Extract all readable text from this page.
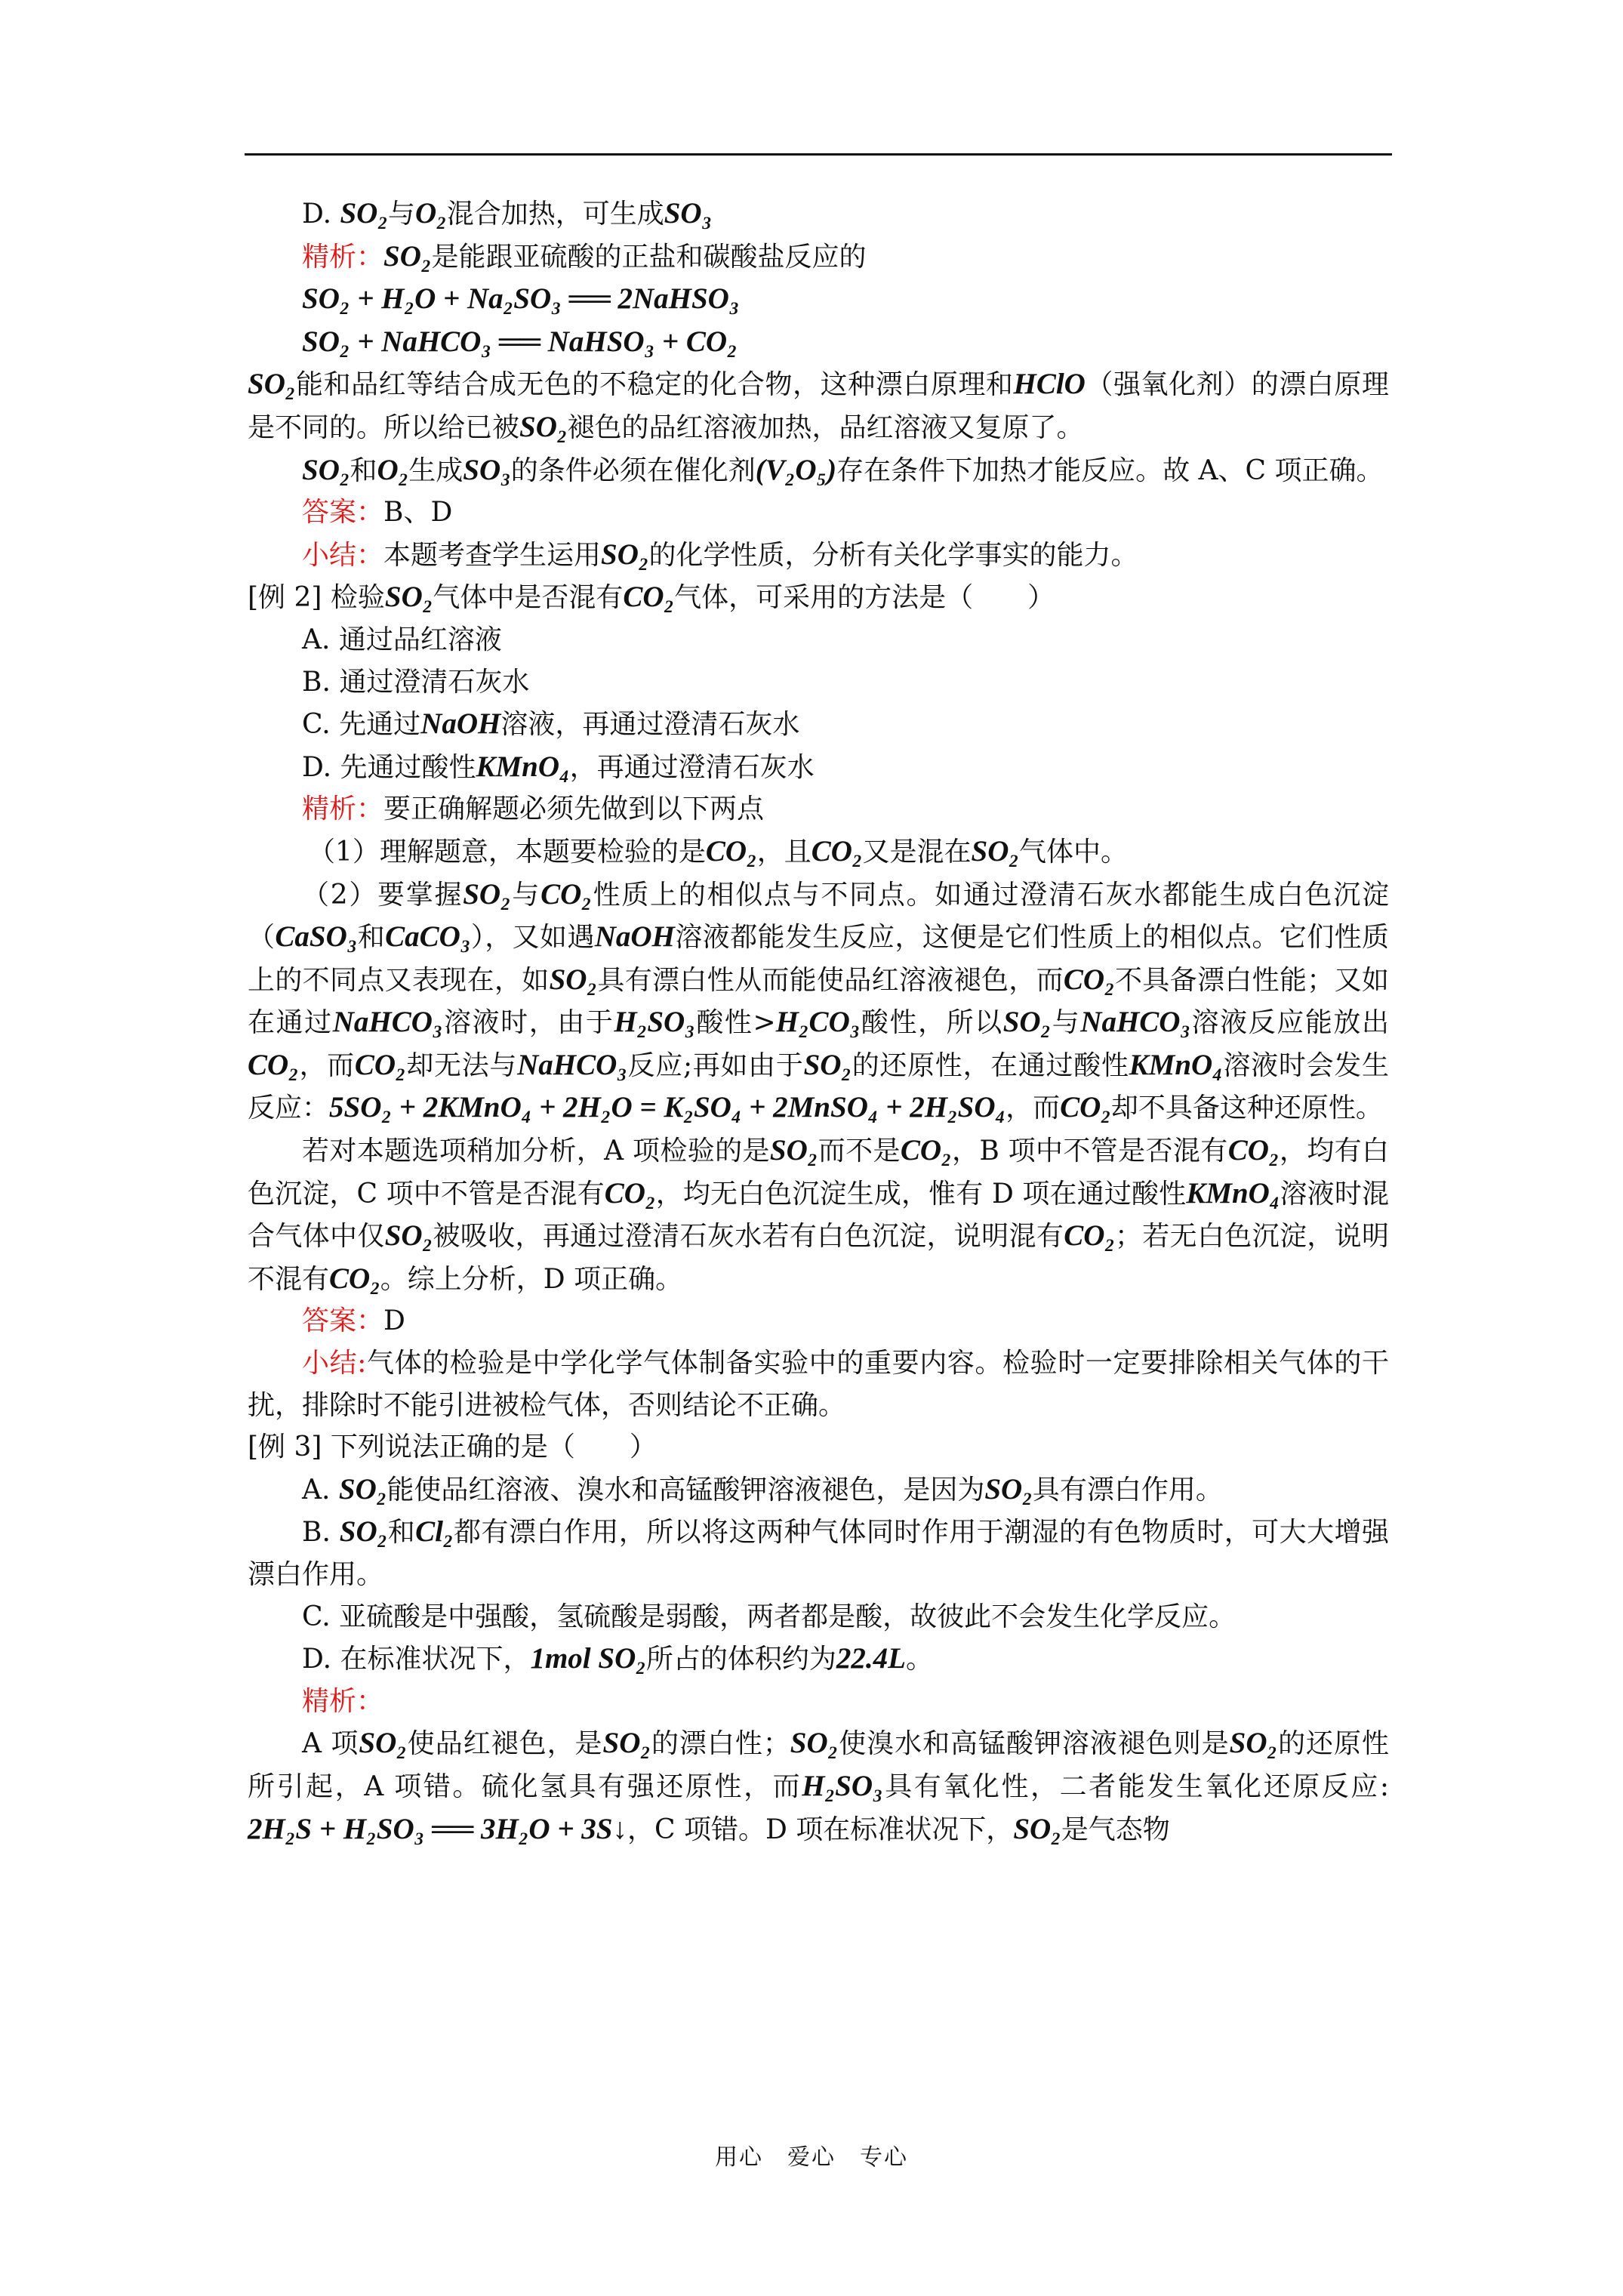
D. SO₂与O₂混合加热，可生成SO₃

精析：SO₂是能跟亚硫酸的正盐和碳酸盐反应的

SO₂ + H₂O + Na₂SO₃ ══ 2NaHSO₃

SO₂ + NaHCO₃ ══ NaHSO₃ + CO₂

SO₂能和品红等结合成无色的不稳定的化合物，这种漂白原理和HClO（强氧化剂）的漂白原理是不同的。所以给已被SO₂褪色的品红溶液加热，品红溶液又复原了。

SO₂和O₂生成SO₃的条件必须在催化剂(V₂O₅)存在条件下加热才能反应。故 A、C 项正确。

答案：B、D

小结：本题考查学生运用SO₂的化学性质，分析有关化学事实的能力。

[例 2] 检验SO₂气体中是否混有CO₂气体，可采用的方法是（　　）

A. 通过品红溶液

B. 通过澄清石灰水

C. 先通过NaOH溶液，再通过澄清石灰水

D. 先通过酸性KMnO₄，再通过澄清石灰水

精析：要正确解题必须先做到以下两点

（1）理解题意，本题要检验的是CO₂，且CO₂又是混在SO₂气体中。

（2）要掌握SO₂与CO₂性质上的相似点与不同点。如通过澄清石灰水都能生成白色沉淀（CaSO₃和CaCO₃），又如遇NaOH溶液都能发生反应，这便是它们性质上的相似点。它们性质上的不同点又表现在，如SO₂具有漂白性从而能使品红溶液褪色，而CO₂不具备漂白性能；又如在通过NaHCO₃溶液时，由于H₂SO₃酸性>H₂CO₃酸性，所以SO₂与NaHCO₃溶液反应能放出CO₂，而CO₂却无法与NaHCO₃反应;再如由于SO₂的还原性，在通过酸性KMnO₄溶液时会发生反应：5SO₂ + 2KMnO₄ + 2H₂O = K₂SO₄ + 2MnSO₄ + 2H₂SO₄，而CO₂却不具备这种还原性。

若对本题选项稍加分析，A 项检验的是SO₂而不是CO₂，B 项中不管是否混有CO₂，均有白色沉淀，C 项中不管是否混有CO₂，均无白色沉淀生成，惟有 D 项在通过酸性KMnO₄溶液时混合气体中仅SO₂被吸收，再通过澄清石灰水若有白色沉淀，说明混有CO₂；若无白色沉淀，说明不混有CO₂。综上分析，D 项正确。

答案：D

小结:气体的检验是中学化学气体制备实验中的重要内容。检验时一定要排除相关气体的干扰，排除时不能引进被检气体，否则结论不正确。

[例 3] 下列说法正确的是（　　）

A. SO₂能使品红溶液、溴水和高锰酸钾溶液褪色，是因为SO₂具有漂白作用。

B. SO₂和Cl₂都有漂白作用，所以将这两种气体同时作用于潮湿的有色物质时，可大大增强漂白作用。

C. 亚硫酸是中强酸，氢硫酸是弱酸，两者都是酸，故彼此不会发生化学反应。

D. 在标准状况下，1mol SO₂所占的体积约为22.4L。

精析：

A 项SO₂使品红褪色，是SO₂的漂白性；SO₂使溴水和高锰酸钾溶液褪色则是SO₂的还原性所引起，A 项错。硫化氢具有强还原性，而H₂SO₃具有氧化性，二者能发生氧化还原反应: 2H₂S + H₂SO₃ ══ 3H₂O + 3S↓，C 项错。D 项在标准状况下，SO₂是气态物

用心　爱心　专心
